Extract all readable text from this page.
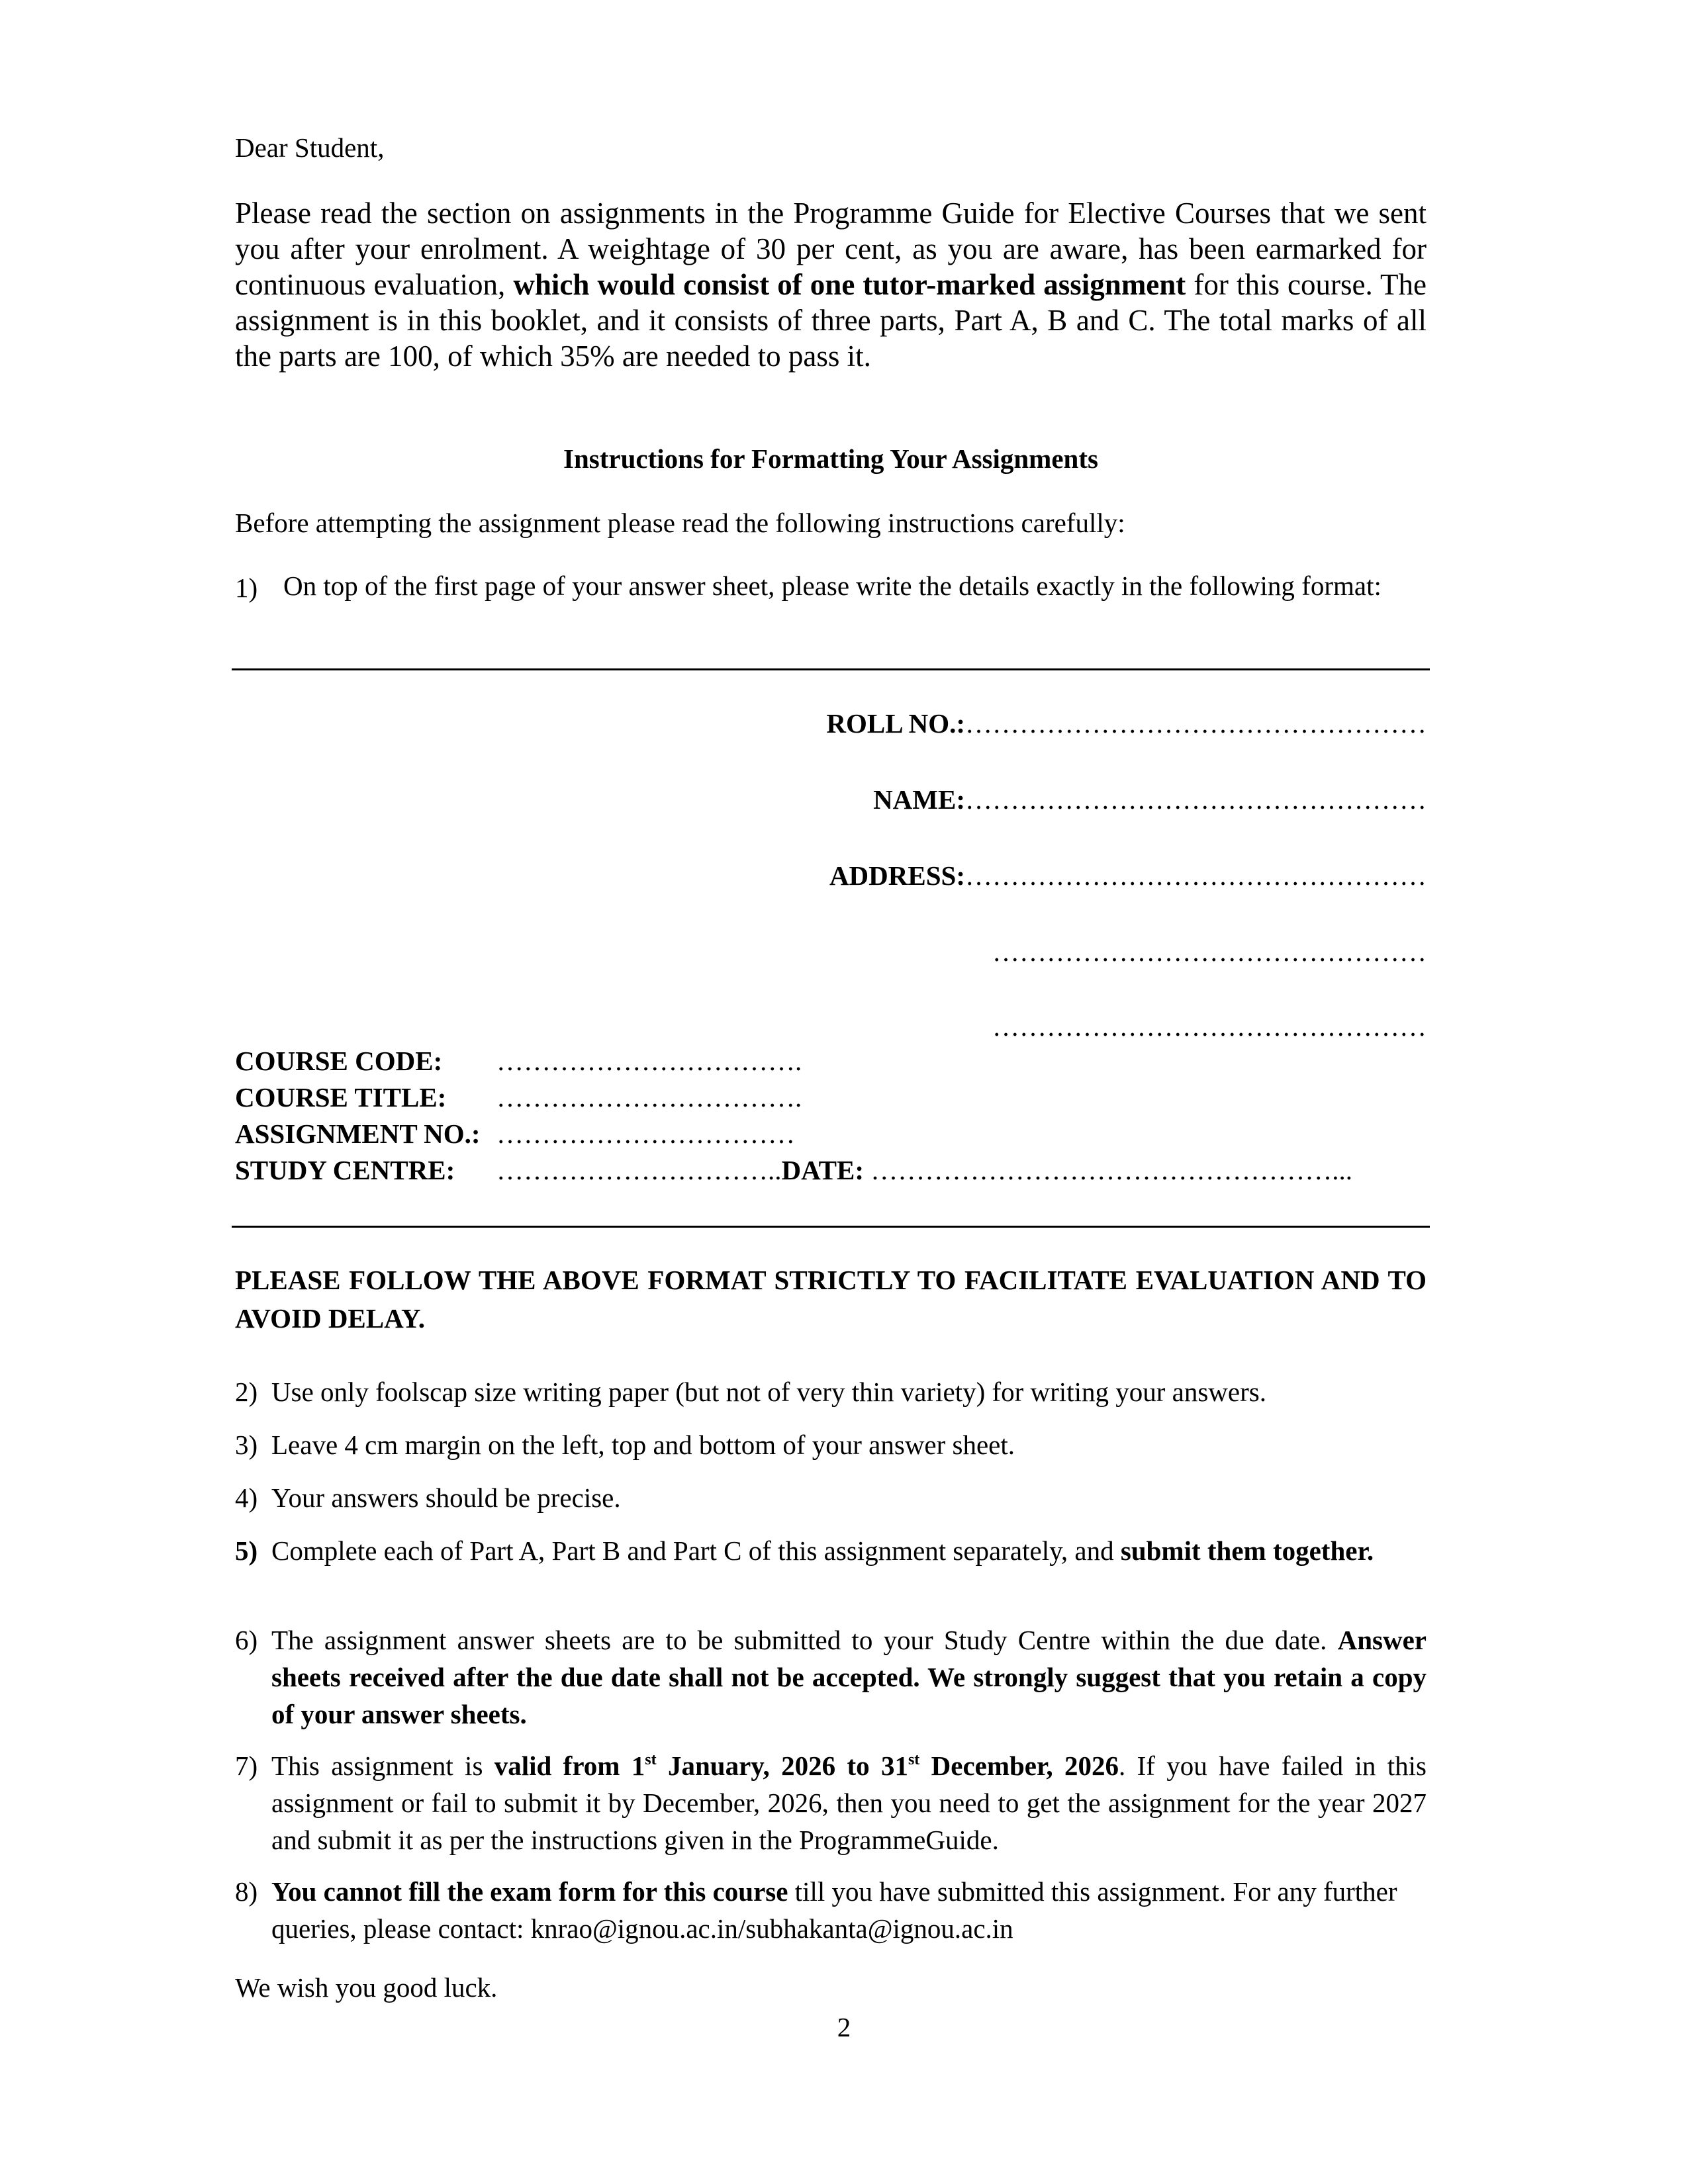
Dear Student,
Please read the section on assignments in the Programme Guide for Elective Courses that we sent you after your enrolment. A weightage of 30 per cent, as you are aware, has been earmarked for continuous evaluation, which would consist of one tutor-marked assignment for this course. The assignment is in this booklet, and it consists of three parts, Part A, B and C. The total marks of all the parts are 100, of which 35% are needed to pass it.
Instructions for Formatting Your Assignments
Before attempting the assignment please read the following instructions carefully:
1) On top of the first page of your answer sheet, please write the details exactly in the following format:
ROLL NO.:……………………………………………
NAME:……………………………………………
ADDRESS:……………………………………………
…………………………………………
…………………………………………
COURSE CODE: …………………………….
COURSE TITLE: …………………………….
ASSIGNMENT NO.: ……………………………
STUDY CENTRE: …………………………..DATE: ……………………………………………...
PLEASE FOLLOW THE ABOVE FORMAT STRICTLY TO FACILITATE EVALUATION AND TO AVOID DELAY.
2) Use only foolscap size writing paper (but not of very thin variety) for writing your answers.
3) Leave 4 cm margin on the left, top and bottom of your answer sheet.
4) Your answers should be precise.
5) Complete each of Part A, Part B and Part C of this assignment separately, and submit them together.
6) The assignment answer sheets are to be submitted to your Study Centre within the due date. Answer sheets received after the due date shall not be accepted. We strongly suggest that you retain a copy of your answer sheets.
7) This assignment is valid from 1st January, 2026 to 31st December, 2026. If you have failed in this assignment or fail to submit it by December, 2026, then you need to get the assignment for the year 2027 and submit it as per the instructions given in the ProgrammeGuide.
8) You cannot fill the exam form for this course till you have submitted this assignment. For any further queries, please contact: knrao@ignou.ac.in/subhakanta@ignou.ac.in
We wish you good luck.
2
